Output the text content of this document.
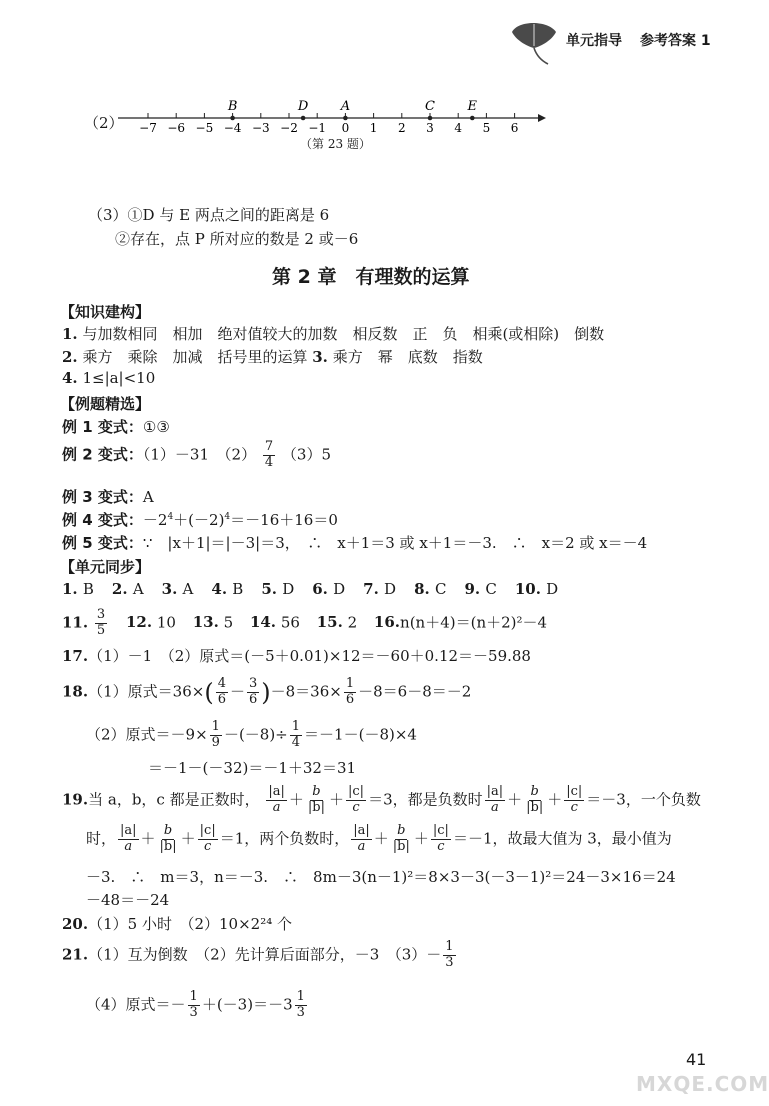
单元指导 参考答案 1
（2） −7 −6 −5 −4 −3 −2 −1 0 1 2 3 4 5 6
B	D A	C	E
（第 23 题）
（3）①D 与 E 两点之间的距离是 6
②存在，点 P 所对应的数是 2 或－6
第 2 章　有理数的运算
【知识建构】
1. 与加数相同　相加　绝对值较大的加数　相反数　正　负　相乘(或相除)　倒数
2. 乘方　乘除　加减　括号里的运算 3. 乘方　幂　底数　指数
4. 1≤|a|<10
【例题精选】
例 1 变式：①③
例 2 变式：（1）－31　$(2) \frac{7}{4} (3)5$
例 3 变式：A
例 4 变式：$-2^4+(-2)^4=-16+16=0$
例 5 变式：∵　|x＋1|＝|－3|＝3，　∴　x＋1＝3 或 x＋1＝－3.　∴　x＝2 或 x＝－4
【单元同步】
1. B 2. A 3. A 4. B 5. D 6. D 7. D 8. C 9. C 10. D
11. $\frac{3}{5} 12$. 10 13. 5 14. 56 15. 2 16.n(n＋4)＝(n＋2)²－4
17.（1）－1　（2）原式＝(－5＋0.01)×12＝－60＋0.12＝－59.88
18.（1）原式$=36\times( \frac{4}{6} - \frac{3}{6} )-8=36\times \frac{1}{6} -8=6-8=-2$
（2）原式$=-9\times \frac{1}{9} -(-8)\div \frac{1}{4} =-1-(-8)\times 4$
＝－1－(－32)＝－1＋32＝31
19.当 a，b，c 都是正数时， $\frac{|a|}{a} + \frac{b}{|b|} + \frac{|c|}{c} =3$，都是负数时 $\frac{|a|}{a} + \frac{b}{|b|} + \frac{|c|}{c} =-3$，一个负数
时， $\frac{|a|}{a} + \frac{b}{|b|} + \frac{|c|}{c} =1$，两个负数时， $\frac{|a|}{a} + \frac{b}{|b|} + \frac{|c|}{c} =-1$，故最大值为 3，最小值为
－3.　∴　m＝3，n＝－3.　∴　8m－3(n－1)²＝8×3－3(－3－1)²＝24－3×16＝24
－48＝－24
20.（1）5 小时　（2）10×2²⁴ 个
21.（1）互为倒数　（2）先计算后面部分，－3　$(3)- \frac{1}{3}$
（4）原式＝－ $\frac{1}{3} +(-3)=-3 \frac{1}{3}$
41
MXQE.COM
